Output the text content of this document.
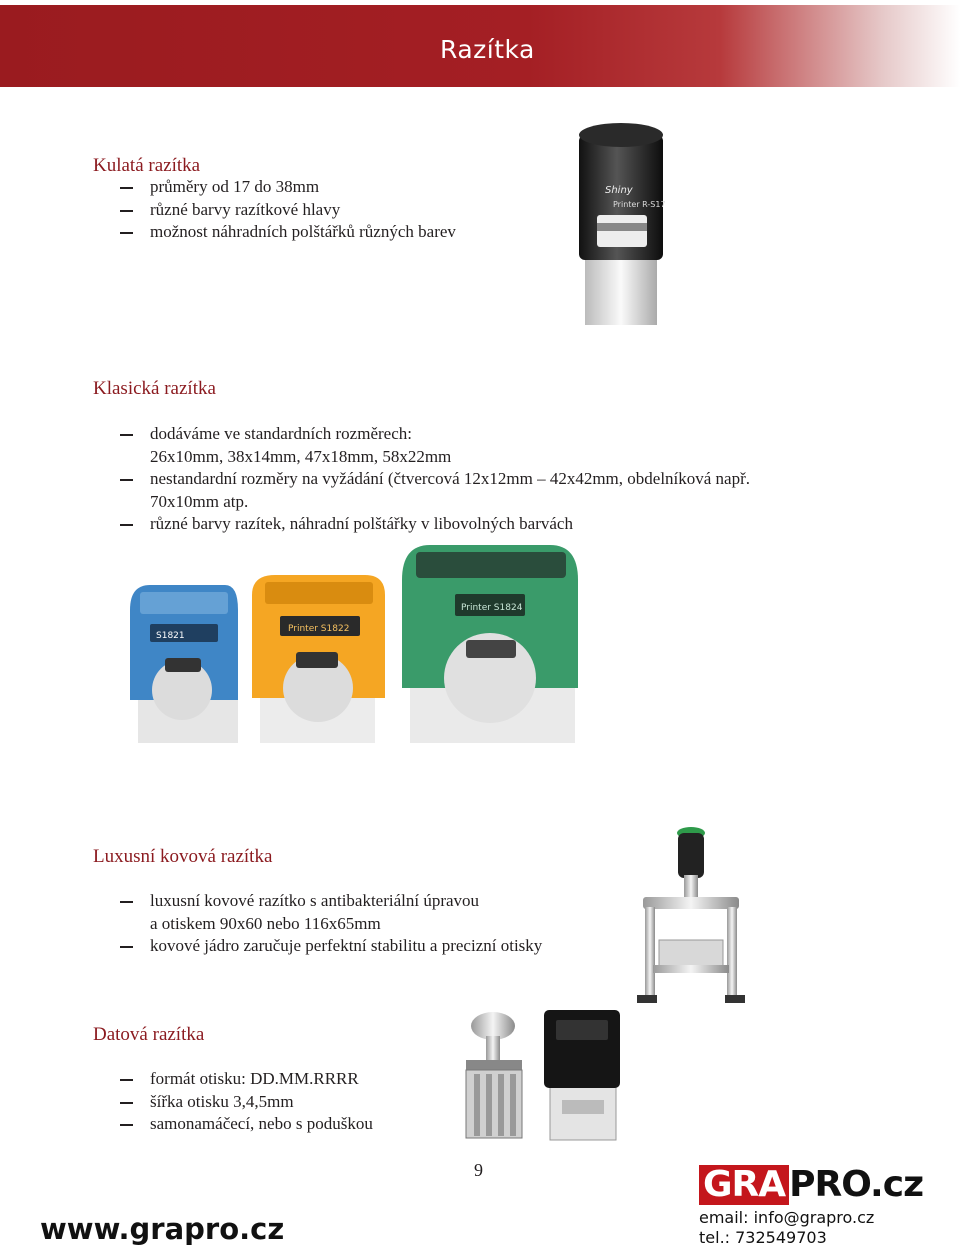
Razítka
Kulatá razítka
průměry od 17 do 38mm
různé barvy razítkové hlavy
možnost náhradních polštářků různých barev
Shiny
Printer R-S17
Klasická razítka
dodáváme ve standardních rozměrech:
26x10mm, 38x14mm, 47x18mm, 58x22mm
nestandardní rozměry na vyžádání (čtvercová 12x12mm – 42x42mm, obdelníková např.
70x10mm atp.
různé barvy razítek, náhradní polštářky v libovolných barvách
S1821
Printer S1822
Printer S1824
Luxusní kovová razítka
luxusní kovové razítko s antibakteriální úpravou
a otiskem 90x60 nebo 116x65mm
kovové jádro zaručuje perfektní stabilitu a precizní otisky
Datová razítka
formát otisku: DD.MM.RRRR
šířka otisku 3,4,5mm
samonamáčecí, nebo s poduškou
9
www.grapro.cz
GRA PRO.cz
email: info@grapro.cz
tel.: 732549703
